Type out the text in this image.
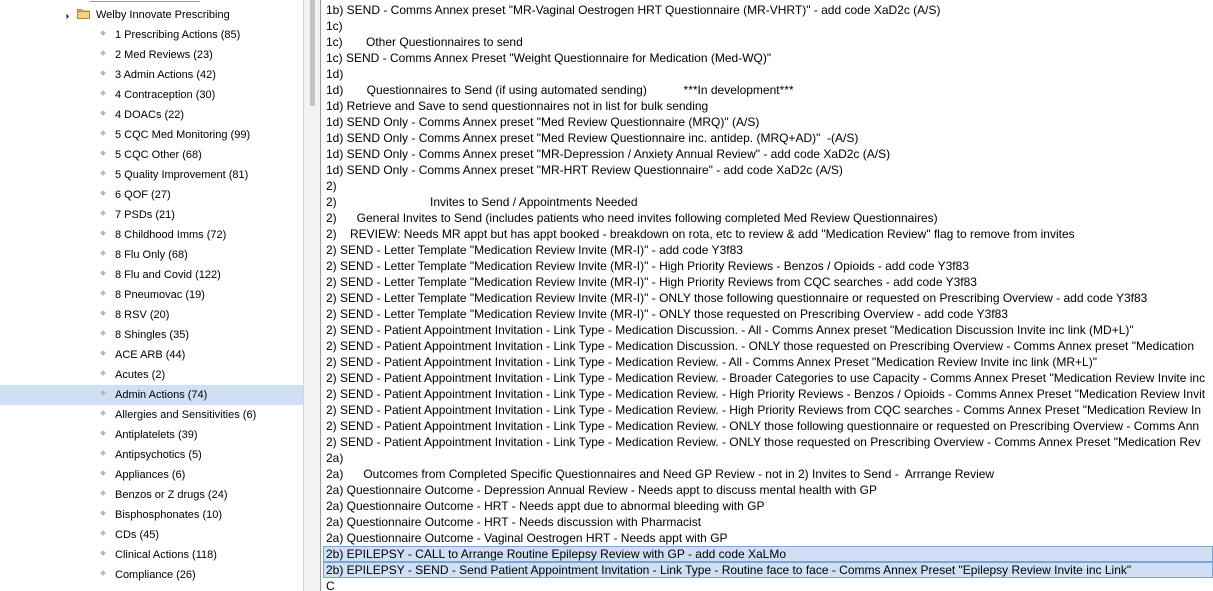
Welby Innovate Prescribing
1 Prescribing Actions (85)
2 Med Reviews (23)
3 Admin Actions (42)
4 Contraception (30)
4 DOACs (22)
5 CQC Med Monitoring (99)
5 CQC Other (68)
5 Quality Improvement (81)
6 QOF (27)
7 PSDs (21)
8 Childhood Imms (72)
8 Flu Only (68)
8 Flu and Covid (122)
8 Pneumovac (19)
8 RSV (20)
8 Shingles (35)
ACE ARB (44)
Acutes (2)
Admin Actions (74)
Allergies and Sensitivities (6)
Antiplatelets (39)
Antipsychotics (5)
Appliances (6)
Benzos or Z drugs (24)
Bisphosphonates (10)
CDs (45)
Clinical Actions (118)
Compliance (26)
1b) SEND - Comms Annex preset "MR-Vaginal Oestrogen HRT Questionnaire (MR-VHRT)" - add code XaD2c (A/S)
1c)
1c)       Other Questionnaires to send
1c) SEND - Comms Annex Preset "Weight Questionnaire for Medication (Med-WQ)"
1d)
1d)       Questionnaires to Send (if using automated sending)           ***In development***
1d) Retrieve and Save to send questionnaires not in list for bulk sending
1d) SEND Only - Comms Annex preset "Med Review Questionnaire (MRQ)" (A/S)
1d) SEND Only - Comms Annex preset "Med Review Questionnaire inc. antidep. (MRQ+AD)"  -(A/S)
1d) SEND Only - Comms Annex preset "MR-Depression / Anxiety Annual Review" - add code XaD2c (A/S)
1d) SEND Only - Comms Annex preset "MR-HRT Review Questionnaire" - add code XaD2c (A/S)
2)
2)                            Invites to Send / Appointments Needed
2)      General Invites to Send (includes patients who need invites following completed Med Review Questionnaires)
2)    REVIEW: Needs MR appt but has appt booked - breakdown on rota, etc to review & add "Medication Review" flag to remove from invites
2) SEND - Letter Template "Medication Review Invite (MR-I)" - add code Y3f83
2) SEND - Letter Template "Medication Review Invite (MR-I)" - High Priority Reviews - Benzos / Opioids - add code Y3f83
2) SEND - Letter Template "Medication Review Invite (MR-I)" - High Priority Reviews from CQC searches - add code Y3f83
2) SEND - Letter Template "Medication Review Invite (MR-I)" - ONLY those following questionnaire or requested on Prescribing Overview - add code Y3f83
2) SEND - Letter Template "Medication Review Invite (MR-I)" - ONLY those requested on Prescribing Overview - add code Y3f83
2) SEND - Patient Appointment Invitation - Link Type - Medication Discussion. - All - Comms Annex preset "Medication Discussion Invite inc link (MD+L)"
2) SEND - Patient Appointment Invitation - Link Type - Medication Discussion. - ONLY those requested on Prescribing Overview - Comms Annex preset "Medication
2) SEND - Patient Appointment Invitation - Link Type - Medication Review. - All - Comms Annex Preset "Medication Review Invite inc link (MR+L)"
2) SEND - Patient Appointment Invitation - Link Type - Medication Review. - Broader Categories to use Capacity - Comms Annex Preset "Medication Review Invite inc
2) SEND - Patient Appointment Invitation - Link Type - Medication Review. - High Priority Reviews - Benzos / Opioids - Comms Annex Preset "Medication Review Invit
2) SEND - Patient Appointment Invitation - Link Type - Medication Review. - High Priority Reviews from CQC searches - Comms Annex Preset "Medication Review In
2) SEND - Patient Appointment Invitation - Link Type - Medication Review. - ONLY those following questionnaire or requested on Prescribing Overview - Comms Ann
2) SEND - Patient Appointment Invitation - Link Type - Medication Review. - ONLY those requested on Prescribing Overview - Comms Annex Preset "Medication Rev
2a)
2a)      Outcomes from Completed Specific Questionnaires and Need GP Review - not in 2) Invites to Send -  Arrrange Review
2a) Questionnaire Outcome - Depression Annual Review - Needs appt to discuss mental health with GP
2a) Questionnaire Outcome - HRT - Needs appt due to abnormal bleeding with GP
2a) Questionnaire Outcome - HRT - Needs discussion with Pharmacist
2a) Questionnaire Outcome - Vaginal Oestrogen HRT - Needs appt with GP
2b) EPILEPSY - CALL to Arrange Routine Epilepsy Review with GP - add code XaLMo
2b) EPILEPSY - SEND - Send Patient Appointment Invitation - Link Type - Routine face to face - Comms Annex Preset "Epilepsy Review Invite inc Link"
C
